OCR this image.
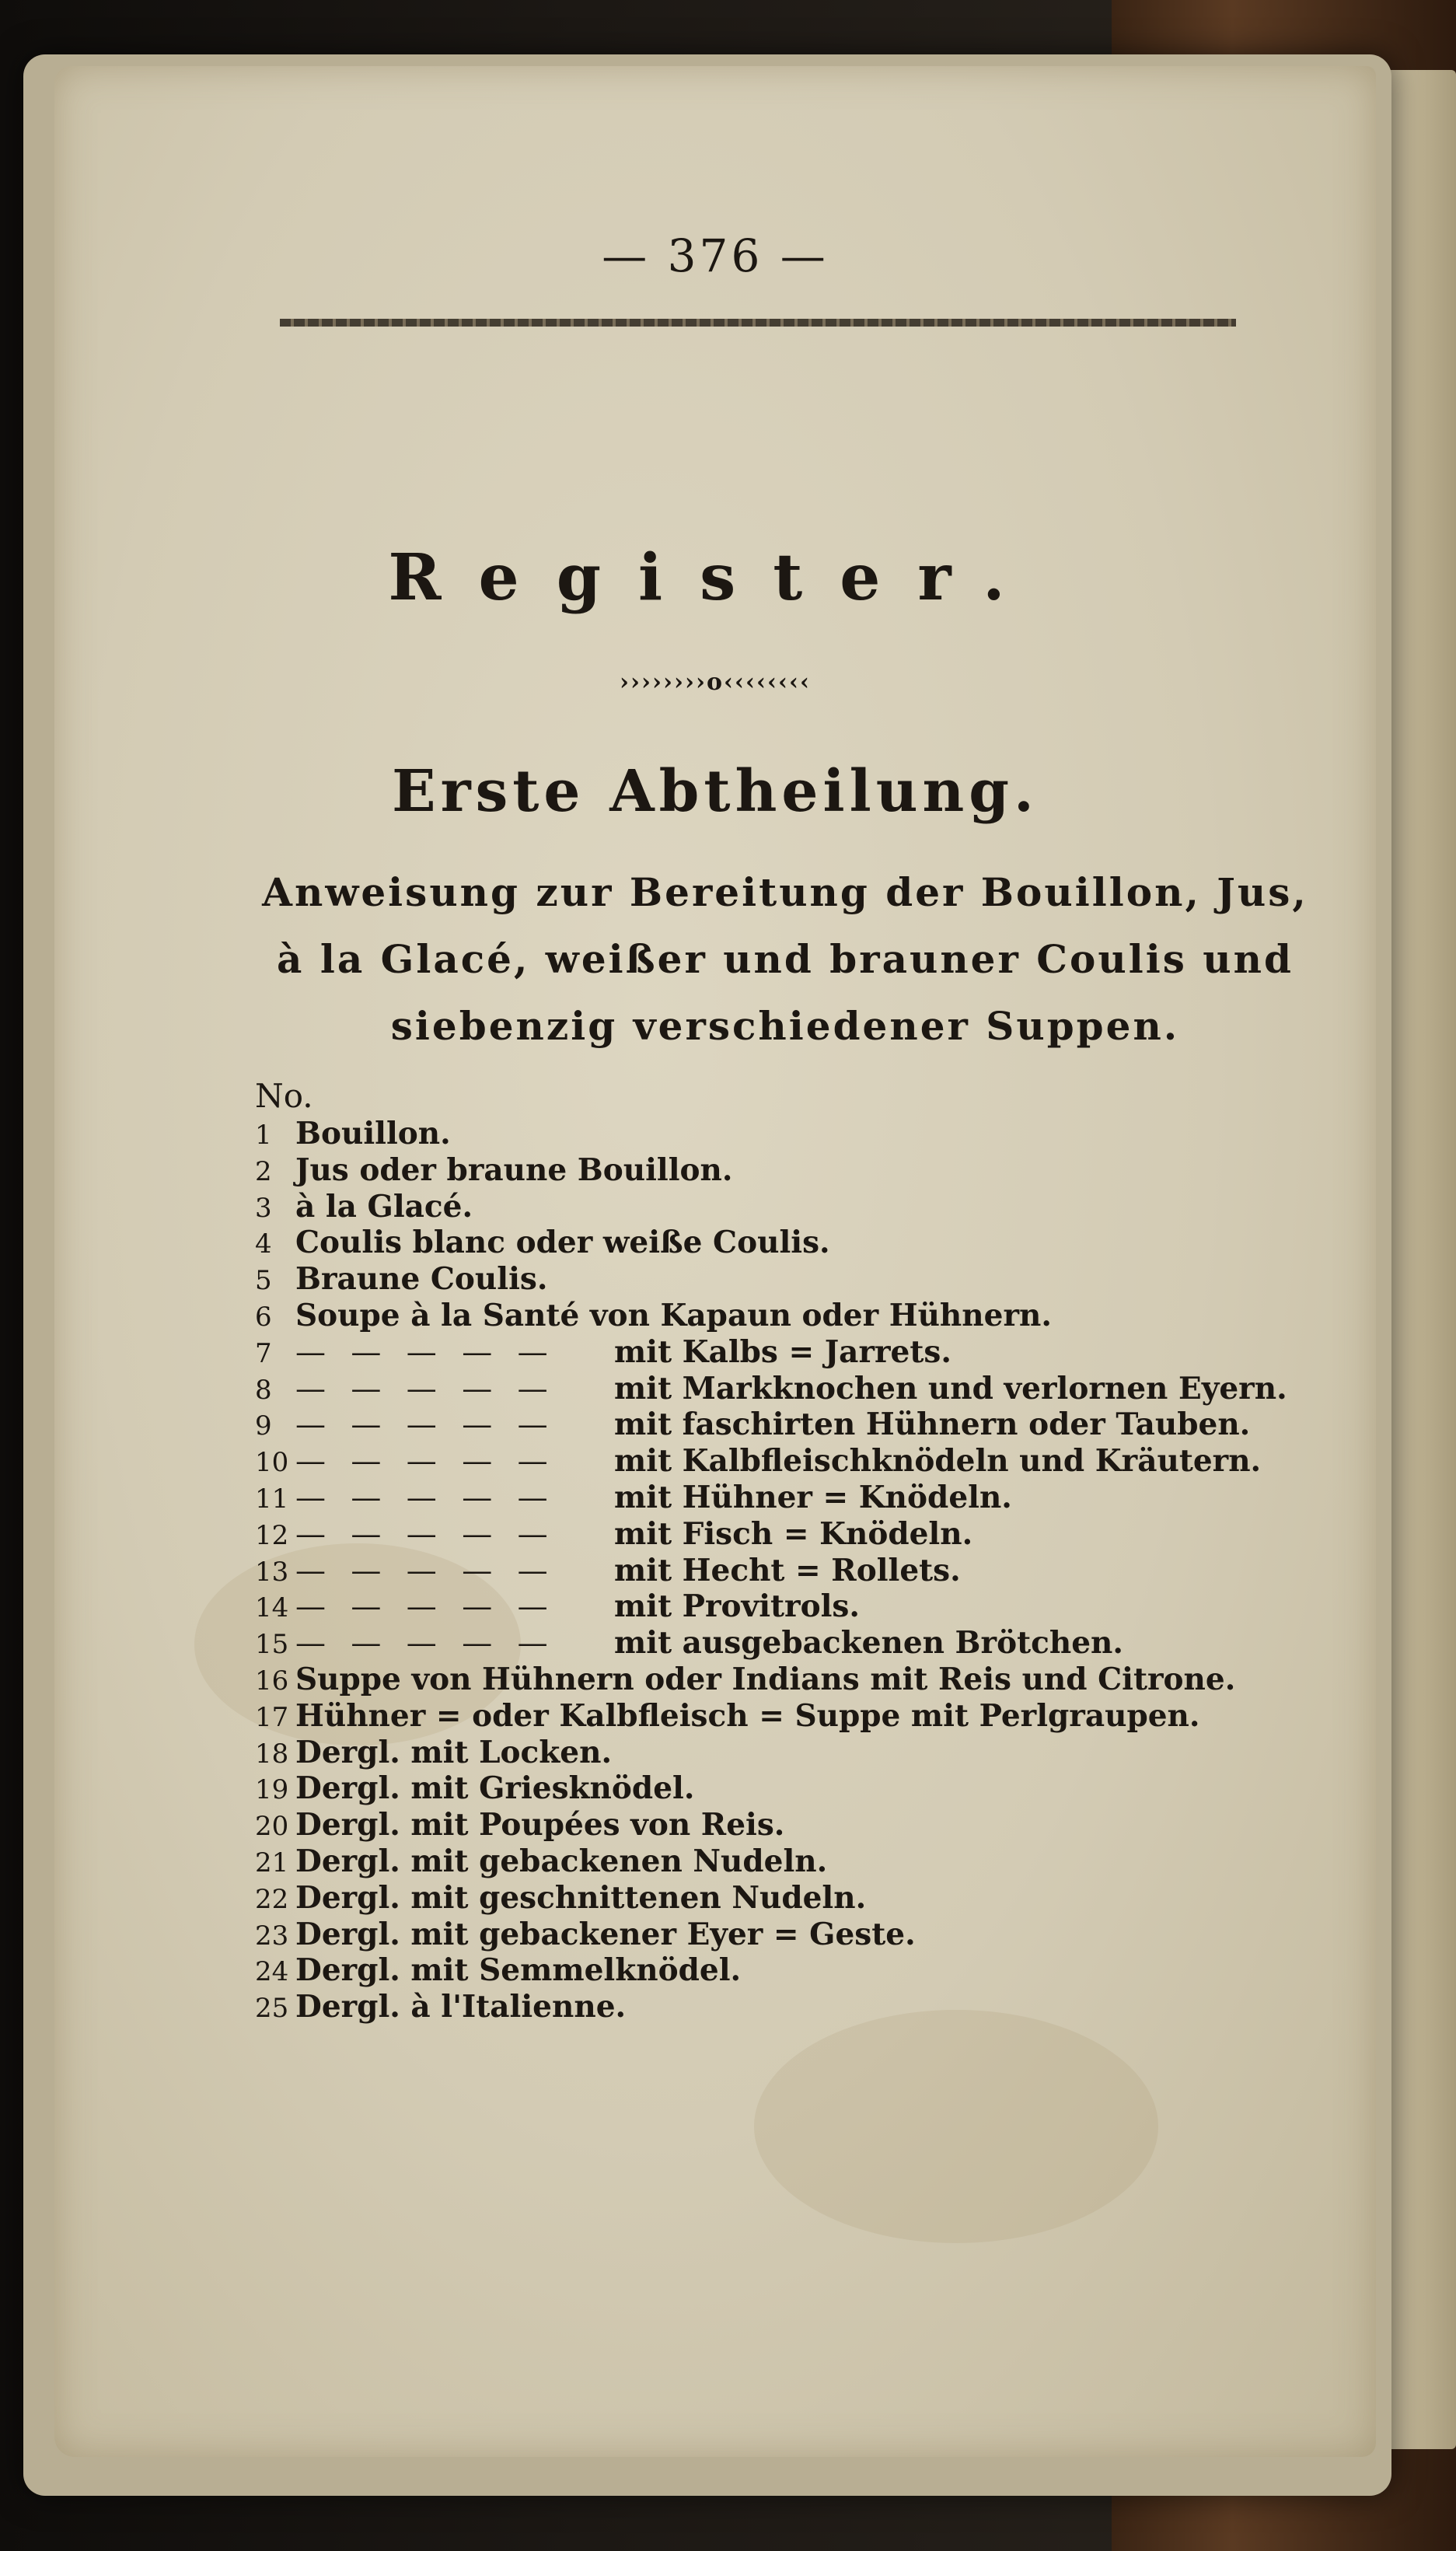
— 376 —
Register.
››››››››o‹‹‹‹‹‹‹‹
Erste Abtheilung.
Anweisung zur Bereitung der Bouillon, Jus,
à la Glacé, weißer und brauner Coulis und
siebenzig verschiedener Suppen.
No.
1 Bouillon.
2 Jus oder braune Bouillon.
3 à la Glacé.
4 Coulis blanc oder weiße Coulis.
5 Braune Coulis.
6 Soupe à la Santé von Kapaun oder Hühnern.
7 — — — — —	mit Kalbs = Jarrets.
8 — — — — —	mit Markknochen und verlornen Eyern.
9 — — — — —	mit faschirten Hühnern oder Tauben.
10 — — — — —	mit Kalbfleischknödeln und Kräutern.
11 — — — — —	mit Hühner = Knödeln.
12 — — — — —	mit Fisch = Knödeln.
13 — — — — —	mit Hecht = Rollets.
14 — — — — —	mit Provitrols.
15 — — — — —	mit ausgebackenen Brötchen.
16 Suppe von Hühnern oder Indians mit Reis und Citrone.
17 Hühner = oder Kalbfleisch = Suppe mit Perlgraupen.
18 Dergl. mit Locken.
19 Dergl. mit Griesknödel.
20 Dergl. mit Poupées von Reis.
21 Dergl. mit gebackenen Nudeln.
22 Dergl. mit geschnittenen Nudeln.
23 Dergl. mit gebackener Eyer = Geste.
24 Dergl. mit Semmelknödel.
25 Dergl. à l'Italienne.
